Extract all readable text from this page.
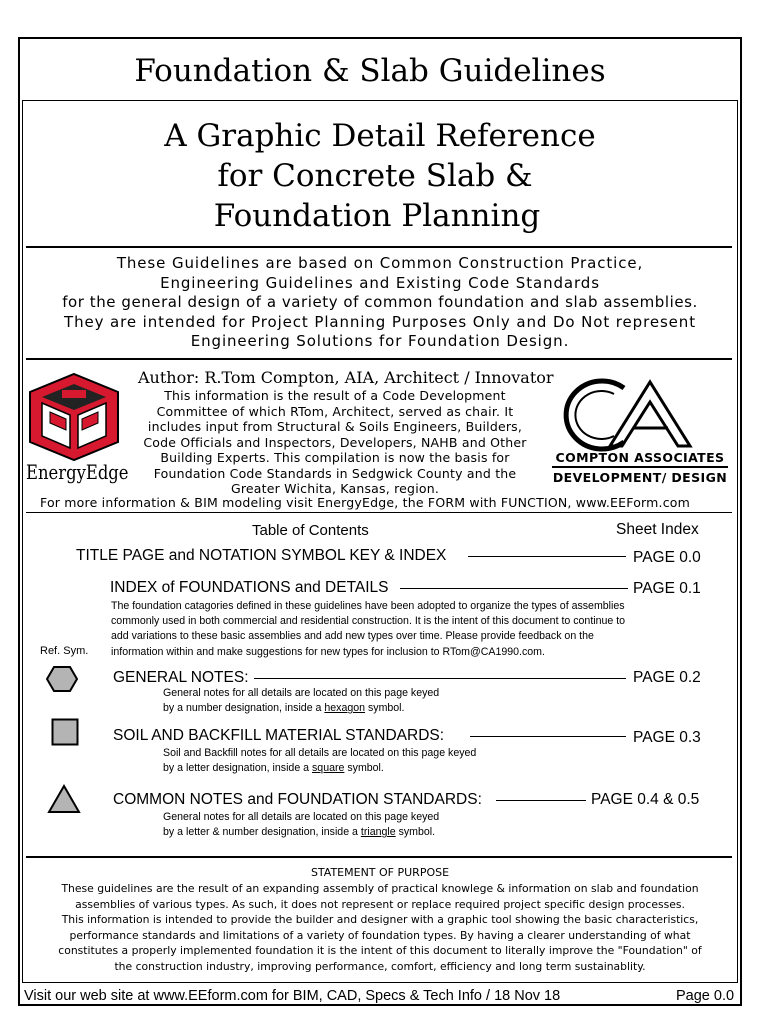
Foundation & Slab Guidelines
A Graphic Detail Reference
for Concrete Slab &
Foundation Planning
These Guidelines are based on Common Construction Practice,
Engineering Guidelines and Existing Code Standards
for the general design of a variety of common foundation and slab assemblies.
They are intended for Project Planning Purposes Only and Do Not represent
Engineering Solutions for Foundation Design.
EnergyEdge
Author: R.Tom Compton, AIA, Architect / Innovator
This information is the result of a Code Development
Committee of which RTom, Architect, served as chair. It
includes input from Structural & Soils Engineers, Builders,
Code Officials and Inspectors, Developers, NAHB and Other
Building Experts. This compilation is now the basis for
Foundation Code Standards in Sedgwick County and the
Greater Wichita, Kansas, region.
COMPTON ASSOCIATES
DEVELOPMENT/ DESIGN
For more information & BIM modeling visit EnergyEdge, the FORM with FUNCTION, www.EEForm.com
Table of Contents	Sheet Index
TITLE PAGE and NOTATION SYMBOL KEY & INDEX	PAGE 0.0
INDEX of FOUNDATIONS and DETAILS	PAGE 0.1
The foundation catagories defined in these guidelines have been adopted to organize the types of assemblies
commonly used in both commercial and residential construction. It is the intent of this document to continue to
add variations to these basic assemblies and add new types over time. Please provide feedback on the
information within and make suggestions for new types for inclusion to RTom@CA1990.com.
Ref. Sym.
GENERAL NOTES:	PAGE 0.2
General notes for all details are located on this page keyed
by a number designation, inside a hexagon symbol.
SOIL AND BACKFILL MATERIAL STANDARDS:	PAGE 0.3
Soil and Backfill notes for all details are located on this page keyed
by a letter designation, inside a square symbol.
COMMON NOTES and FOUNDATION STANDARDS:	PAGE 0.4 & 0.5
General notes for all details are located on this page keyed
by a letter & number designation, inside a triangle symbol.
STATEMENT OF PURPOSE
These guidelines are the result of an expanding assembly of practical knowlege & information on slab and foundation
assemblies of various types. As such, it does not represent or replace required project specific design processes.
This information is intended to provide the builder and designer with a graphic tool showing the basic characteristics,
performance standards and limitations of a variety of foundation types. By having a clearer understanding of what
constitutes a properly implemented foundation it is the intent of this document to literally improve the "Foundation" of
the construction industry, improving performance, comfort, efficiency and long term sustainablity.
Visit our web site at www.EEform.com for BIM, CAD, Specs & Tech Info / 18 Nov 18	Page 0.0
